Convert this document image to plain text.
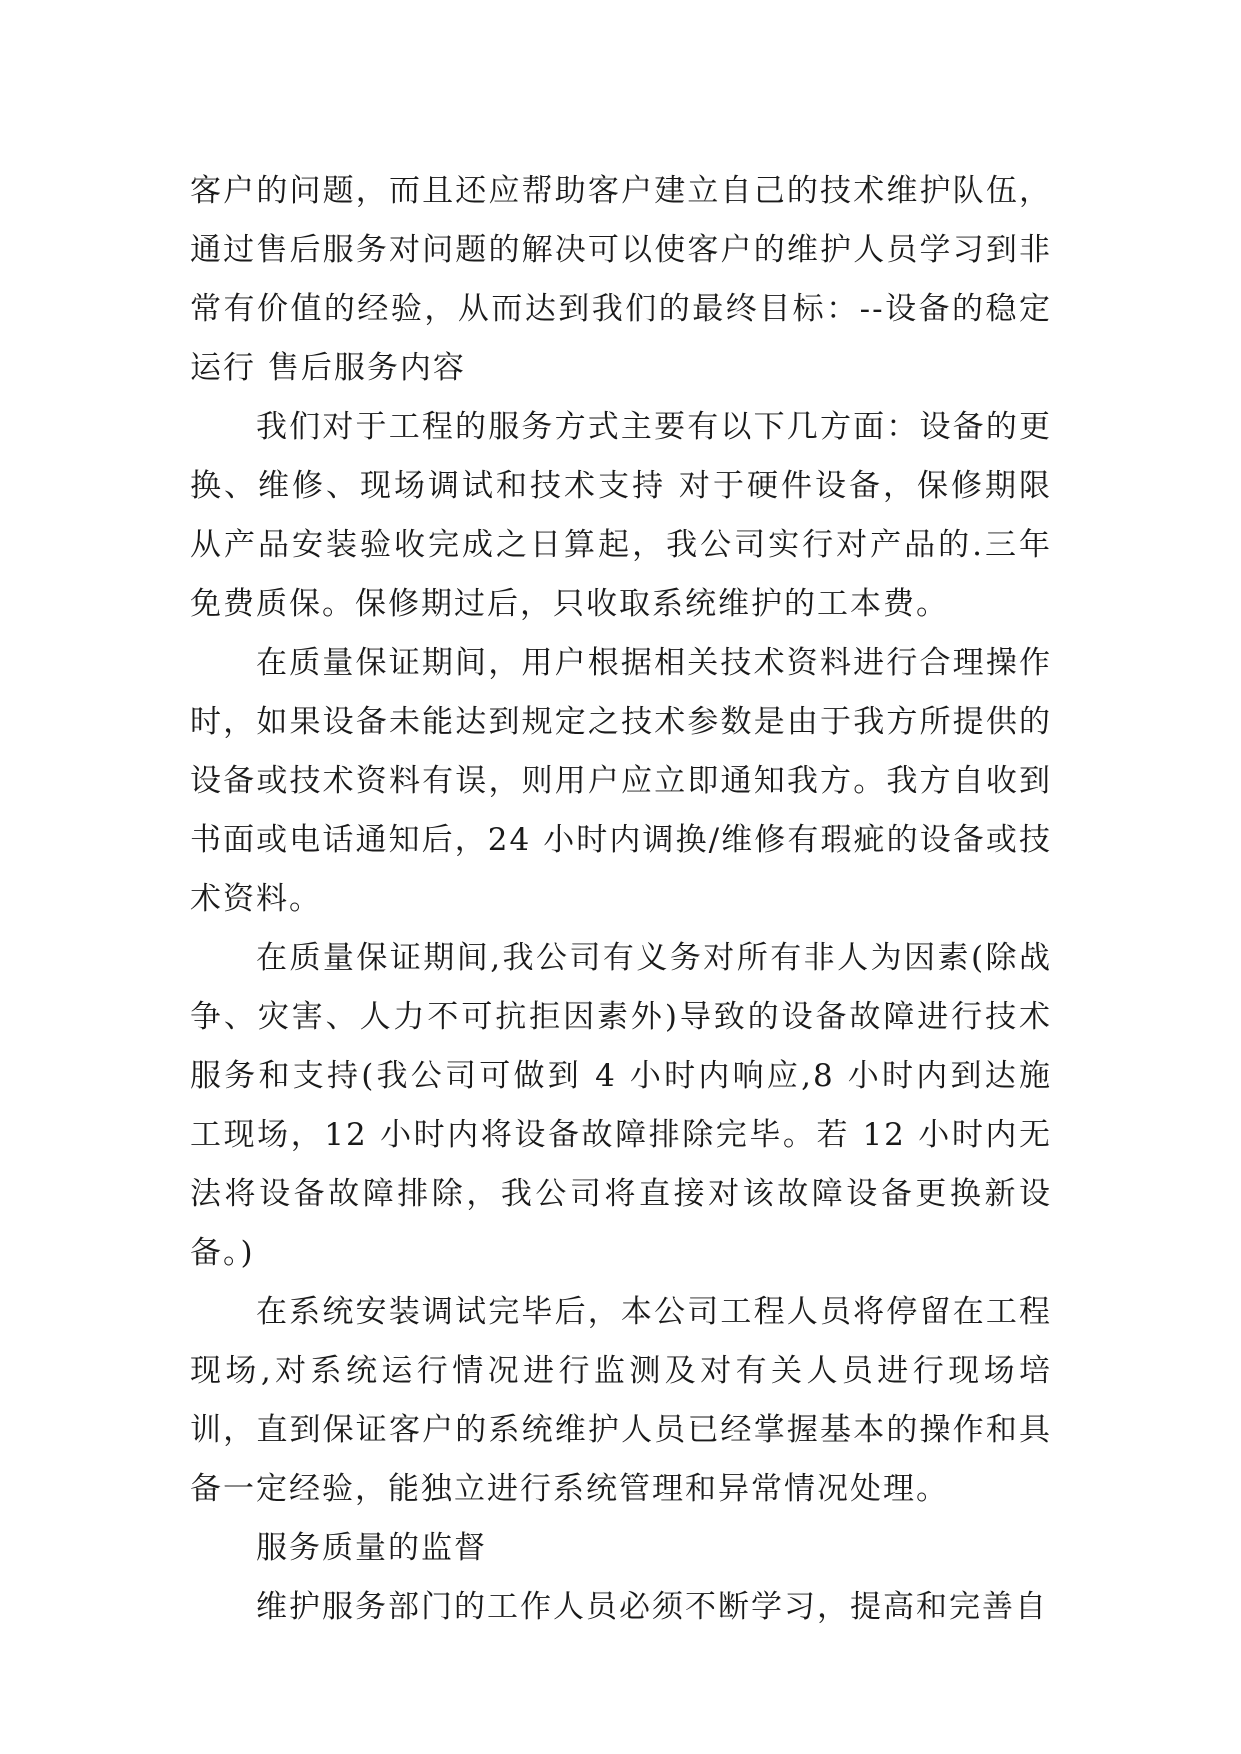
客户的问题，而且还应帮助客户建立自己的技术维护队伍，通过售后服务对问题的解决可以使客户的维护人员学习到非常有价值的经验，从而达到我们的最终目标：--设备的稳定运行 售后服务内容

我们对于工程的服务方式主要有以下几方面：设备的更换、维修、现场调试和技术支持 对于硬件设备，保修期限从产品安装验收完成之日算起，我公司实行对产品的.三年免费质保。保修期过后，只收取系统维护的工本费。

在质量保证期间，用户根据相关技术资料进行合理操作时，如果设备未能达到规定之技术参数是由于我方所提供的设备或技术资料有误，则用户应立即通知我方。我方自收到书面或电话通知后，24 小时内调换/维修有瑕疵的设备或技术资料。

在质量保证期间,我公司有义务对所有非人为因素(除战争、灾害、人力不可抗拒因素外)导致的设备故障进行技术服务和支持(我公司可做到 4 小时内响应,8 小时内到达施工现场，12 小时内将设备故障排除完毕。若 12 小时内无法将设备故障排除，我公司将直接对该故障设备更换新设备。)

在系统安装调试完毕后，本公司工程人员将停留在工程现场,对系统运行情况进行监测及对有关人员进行现场培训，直到保证客户的系统维护人员已经掌握基本的操作和具备一定经验，能独立进行系统管理和异常情况处理。

服务质量的监督

维护服务部门的工作人员必须不断学习，提高和完善自
